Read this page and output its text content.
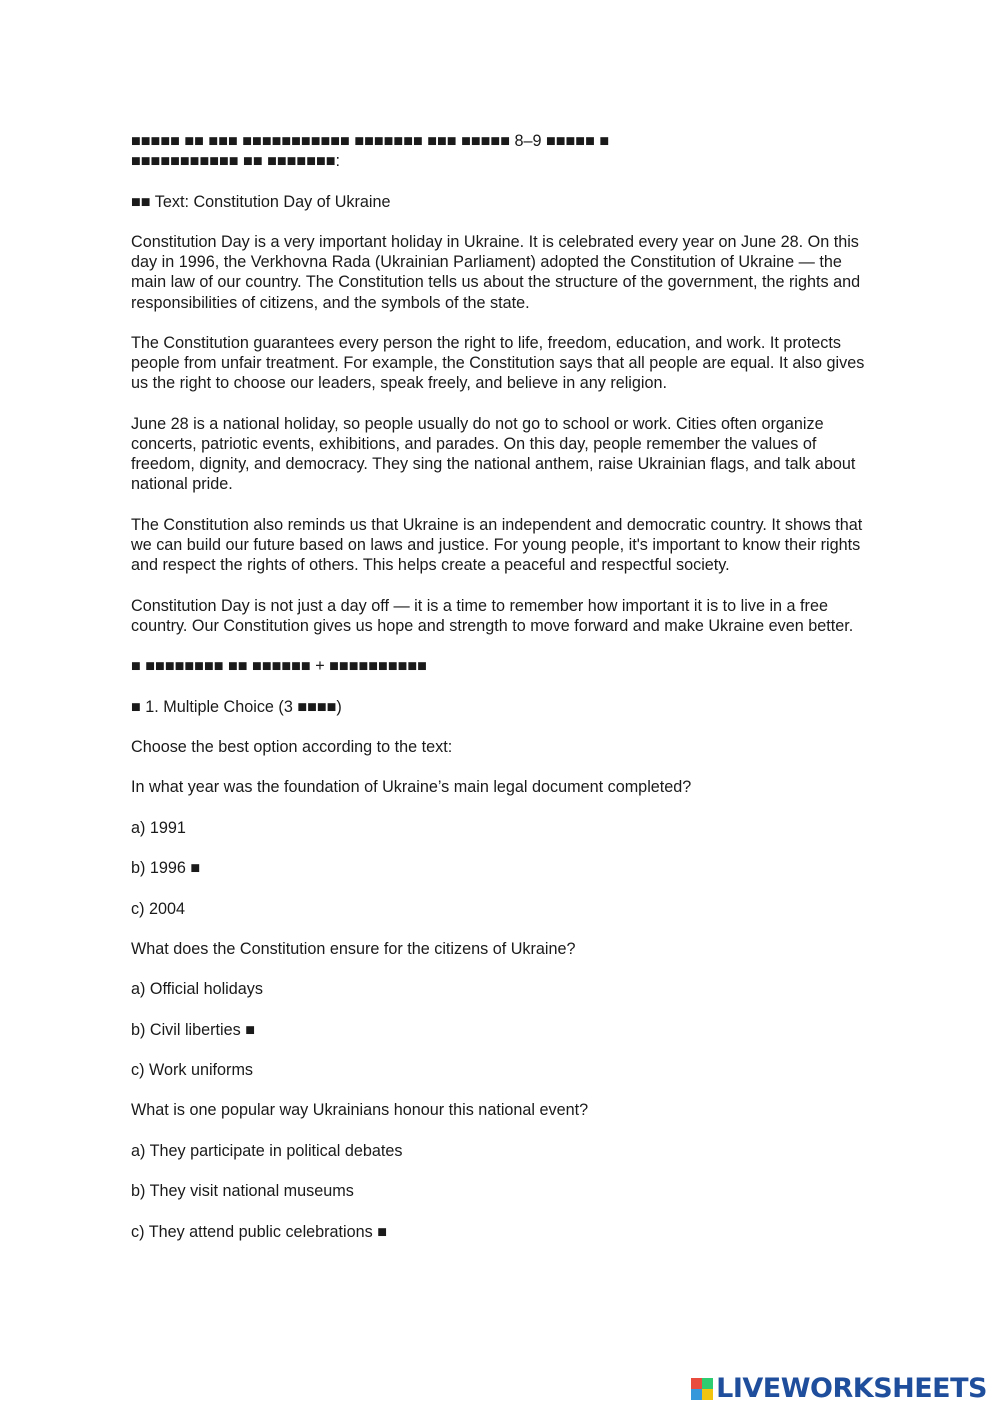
■■■■■ ■■ ■■■ ■■■■■■■■■■■ ■■■■■■■ ■■■ ■■■■■ 8–9 ■■■■■ ■
■■■■■■■■■■■ ■■ ■■■■■■■:
■■ Text: Constitution Day of Ukraine
Constitution Day is a very important holiday in Ukraine. It is celebrated every year on June 28. On this day in 1996, the Verkhovna Rada (Ukrainian Parliament) adopted the Constitution of Ukraine — the main law of our country. The Constitution tells us about the structure of the government, the rights and responsibilities of citizens, and the symbols of the state.
The Constitution guarantees every person the right to life, freedom, education, and work. It protects people from unfair treatment. For example, the Constitution says that all people are equal. It also gives us the right to choose our leaders, speak freely, and believe in any religion.
June 28 is a national holiday, so people usually do not go to school or work. Cities often organize concerts, patriotic events, exhibitions, and parades. On this day, people remember the values of freedom, dignity, and democracy. They sing the national anthem, raise Ukrainian flags, and talk about national pride.
The Constitution also reminds us that Ukraine is an independent and democratic country. It shows that we can build our future based on laws and justice. For young people, it's important to know their rights and respect the rights of others. This helps create a peaceful and respectful society.
Constitution Day is not just a day off — it is a time to remember how important it is to live in a free country. Our Constitution gives us hope and strength to move forward and make Ukraine even better.
■ ■■■■■■■■ ■■ ■■■■■■ + ■■■■■■■■■■
■ 1. Multiple Choice (3 ■■■■)
Choose the best option according to the text:
In what year was the foundation of Ukraine’s main legal document completed?
a) 1991
b) 1996 ■
c) 2004
What does the Constitution ensure for the citizens of Ukraine?
a) Official holidays
b) Civil liberties ■
c) Work uniforms
What is one popular way Ukrainians honour this national event?
a) They participate in political debates
b) They visit national museums
c) They attend public celebrations ■
LIVEWORKSHEETS
